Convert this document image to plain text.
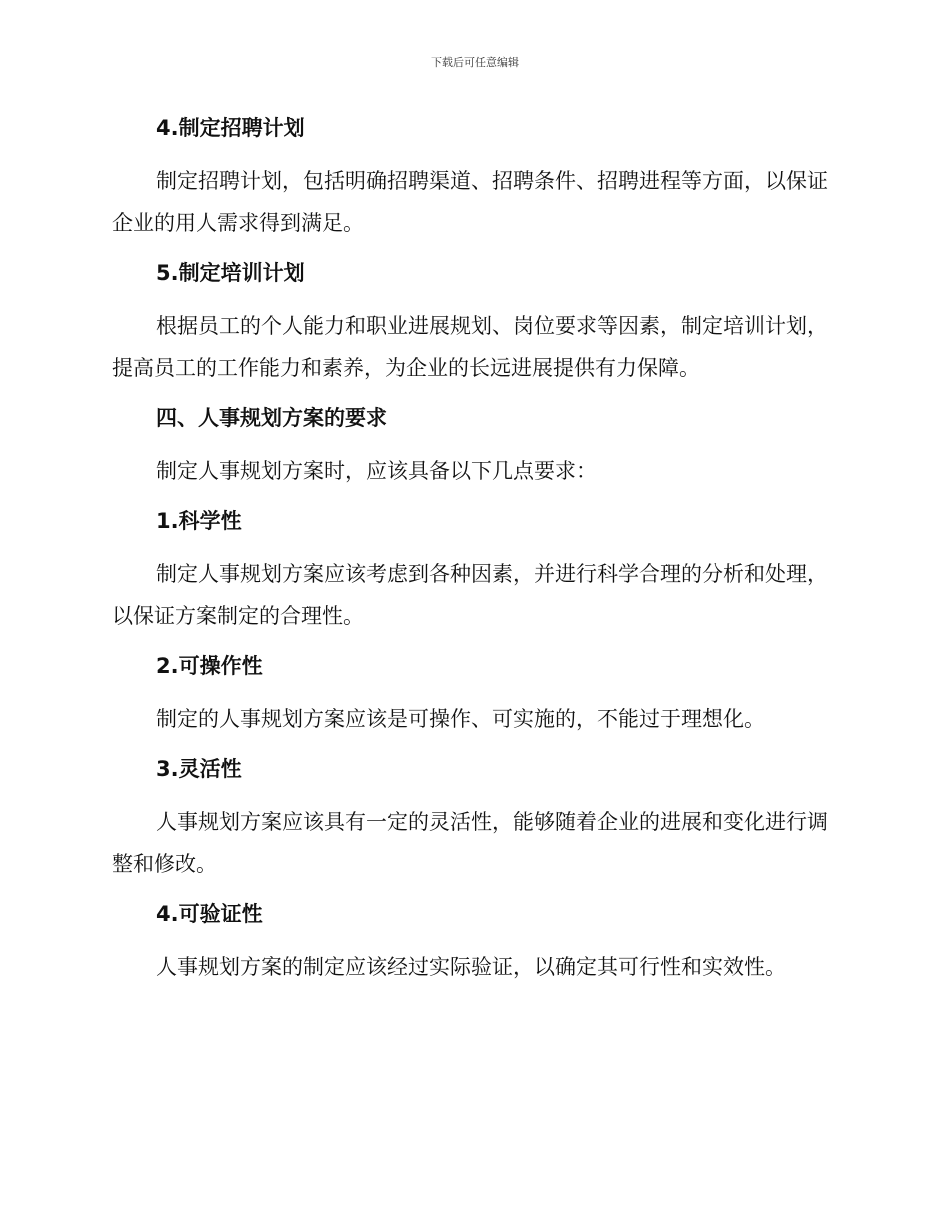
下载后可任意编辑
4.制定招聘计划

制定招聘计划，包括明确招聘渠道、招聘条件、招聘进程等方面，以保证企业的用人需求得到满足。

5.制定培训计划

根据员工的个人能力和职业进展规划、岗位要求等因素，制定培训计划，提高员工的工作能力和素养，为企业的长远进展提供有力保障。

四、人事规划方案的要求

制定人事规划方案时，应该具备以下几点要求：

1.科学性

制定人事规划方案应该考虑到各种因素，并进行科学合理的分析和处理，以保证方案制定的合理性。

2.可操作性

制定的人事规划方案应该是可操作、可实施的，不能过于理想化。

3.灵活性

人事规划方案应该具有一定的灵活性，能够随着企业的进展和变化进行调整和修改。

4.可验证性

人事规划方案的制定应该经过实际验证，以确定其可行性和实效性。
